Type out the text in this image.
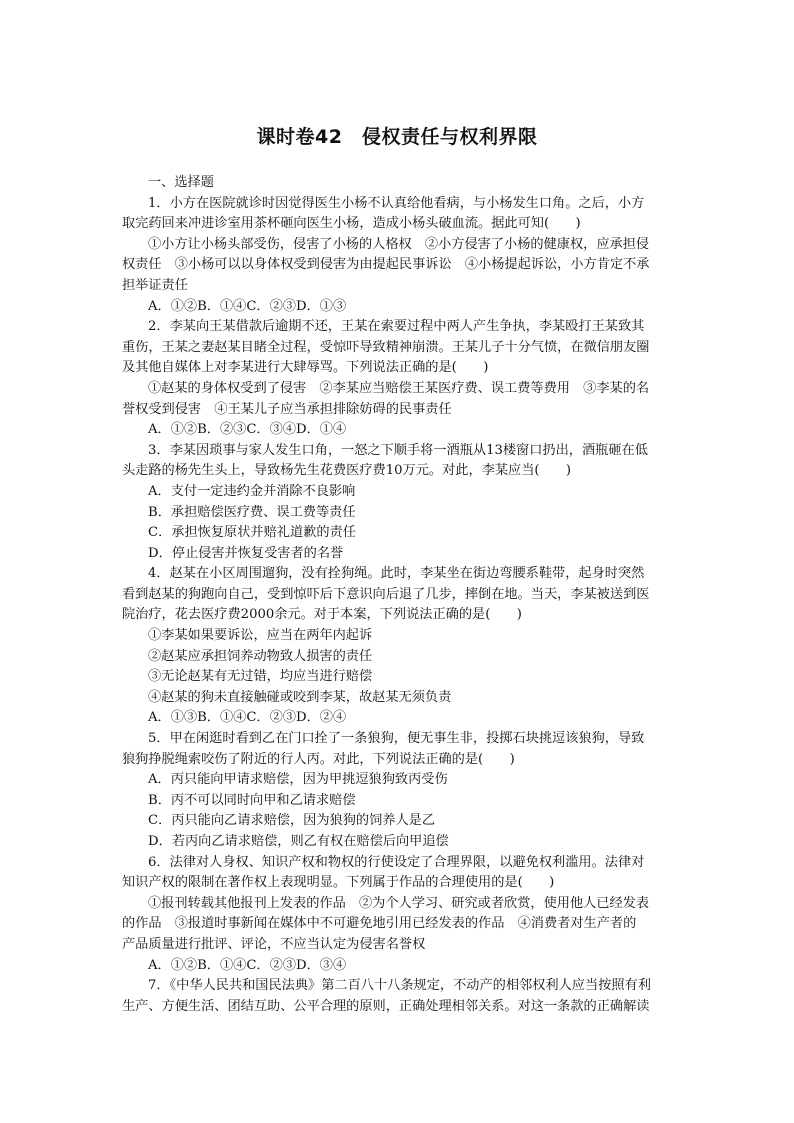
课时卷42　侵权责任与权利界限
一、选择题
1．小方在医院就诊时因觉得医生小杨不认真给他看病，与小杨发生口角。之后，小方
取完药回来冲进诊室用茶杯砸向医生小杨，造成小杨头破血流。据此可知(　　)
①小方让小杨头部受伤，侵害了小杨的人格权　②小方侵害了小杨的健康权，应承担侵
权责任　③小杨可以以身体权受到侵害为由提起民事诉讼　④小杨提起诉讼，小方肯定不承
担举证责任
A．①②B．①④C．②③D．①③
2．李某向王某借款后逾期不还，王某在索要过程中两人产生争执，李某殴打王某致其
重伤，王某之妻赵某目睹全过程，受惊吓导致精神崩溃。王某儿子十分气愤，在微信朋友圈
及其他自媒体上对李某进行大肆辱骂。下列说法正确的是(　　)
①赵某的身体权受到了侵害　②李某应当赔偿王某医疗费、误工费等费用　③李某的名
誉权受到侵害　④王某儿子应当承担排除妨碍的民事责任
A．①②B．②③C．③④D．①④
3．李某因琐事与家人发生口角，一怒之下顺手将一酒瓶从13楼窗口扔出，酒瓶砸在低
头走路的杨先生头上，导致杨先生花费医疗费10万元。对此，李某应当(　　)
A．支付一定违约金并消除不良影响
B．承担赔偿医疗费、误工费等责任
C．承担恢复原状并赔礼道歉的责任
D．停止侵害并恢复受害者的名誉
4．赵某在小区周围遛狗，没有拴狗绳。此时，李某坐在街边弯腰系鞋带，起身时突然
看到赵某的狗跑向自己，受到惊吓后下意识向后退了几步，摔倒在地。当天，李某被送到医
院治疗，花去医疗费2000余元。对于本案，下列说法正确的是(　　)
①李某如果要诉讼，应当在两年内起诉
②赵某应承担饲养动物致人损害的责任
③无论赵某有无过错，均应当进行赔偿
④赵某的狗未直接触碰或咬到李某，故赵某无须负责
A．①③B．①④C．②③D．②④
5．甲在闲逛时看到乙在门口拴了一条狼狗，便无事生非，投掷石块挑逗该狼狗，导致
狼狗挣脱绳索咬伤了附近的行人丙。对此，下列说法正确的是(　　)
A．丙只能向甲请求赔偿，因为甲挑逗狼狗致丙受伤
B．丙不可以同时向甲和乙请求赔偿
C．丙只能向乙请求赔偿，因为狼狗的饲养人是乙
D．若丙向乙请求赔偿，则乙有权在赔偿后向甲追偿
6．法律对人身权、知识产权和物权的行使设定了合理界限，以避免权利滥用。法律对
知识产权的限制在著作权上表现明显。下列属于作品的合理使用的是(　　)
①报刊转载其他报刊上发表的作品　②为个人学习、研究或者欣赏，使用他人已经发表
的作品　③报道时事新闻在媒体中不可避免地引用已经发表的作品　④消费者对生产者的
产品质量进行批评、评论，不应当认定为侵害名誉权
A．①②B．①④C．②③D．③④
7．《中华人民共和国民法典》第二百八十八条规定，不动产的相邻权利人应当按照有利
生产、方便生活、团结互助、公平合理的原则，正确处理相邻关系。对这一条款的正确解读
